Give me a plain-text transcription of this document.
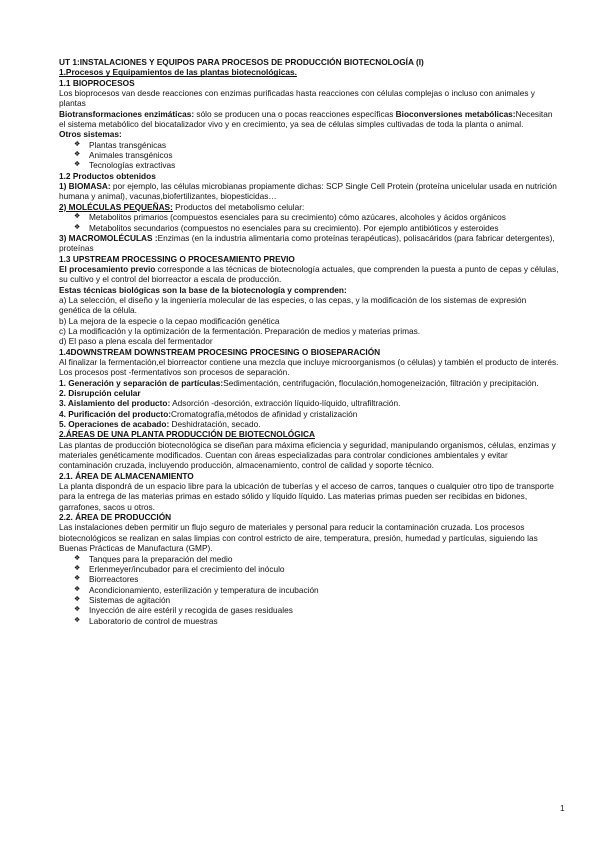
UT 1:INSTALACIONES Y EQUIPOS PARA PROCESOS DE PRODUCCIÓN BIOTECNOLOGÍA (I)
1.Procesos y Equipamientos de las plantas biotecnológicas.
1.1 BIOPROCESOS

Los bioprocesos van desde reacciones con enzimas purificadas hasta reacciones con células complejas o incluso con animales y plantas

Biotransformaciones enzimáticas: sólo se producen una o pocas reacciones específicas Bioconversiones metabólicas:Necesitan el sistema metabólico del biocatalizador vivo y en crecimiento, ya sea de células simples cultivadas de toda la planta o animal.

Otros sistemas:
❖ Plantas transgénicas
❖ Animales transgénicos
❖ Tecnologías extractivas
1.2 Productos obtenidos

1) BIOMASA: por ejemplo, las células microbianas propiamente dichas: SCP Single Cell Protein (proteína unicelular usada en nutrición humana y animal), vacunas,biofertilizantes, biopesticidas…

2) MOLÉCULAS PEQUEÑAS: Productos del metabolismo celular:

❖ Metabolitos primarios (compuestos esenciales para su crecimiento) cómo azúcares, alcoholes y ácidos orgánicos
❖ Metabolitos secundarios (compuestos no esenciales para su crecimiento). Por ejemplo antibióticos y esteroides

3) MACROMOLÉCULAS :Enzimas (en la industria alimentaria como proteínas terapéuticas), polisacáridos (para fabricar detergentes), proteínas

1.3 UPSTREAM PROCESSING O PROCESAMIENTO PREVIO

El procesamiento previo corresponde a las técnicas de biotecnología actuales, que comprenden la puesta a punto de cepas y células, su cultivo y el control del biorreactor a escala de producción.

Estas técnicas biológicas son la base de la biotecnología y comprenden:

a) La selección, el diseño y la ingeniería molecular de las especies, o las cepas, y la modificación de los sistemas de expresión genética de la célula.

b) La mejora de la especie o la cepao modificación genética

c) La modificación y la optimización de la fermentación. Preparación de medios y materias primas.

d) El paso a plena escala del fermentador

1.4DOWNSTREAM DOWNSTREAM PROCESING PROCESING O BIOSEPARACIÓN

Al finalizar la fermentación,el biorreactor contiene una mezcla que incluye microorganismos (o células) y también el producto de interés. Los procesos post -fermentativos son procesos de separación.

1. Generación y separación de partículas:Sedimentación, centrifugación, floculación,homogeneización, filtración y precipitación.

2. Disrupción celular

3. Aislamiento del producto: Adsorción -desorción, extracción líquido-líquido, ultrafiltración.

4. Purificación del producto:Cromatografía,métodos de afinidad y cristalización

5. Operaciones de acabado: Deshidratación, secado.

2.ÁREAS DE UNA PLANTA PRODUCCIÓN DE BIOTECNOLÓGICA

Las plantas de producción biotecnológica se diseñan para máxima eficiencia y seguridad, manipulando organismos, células, enzimas y materiales genéticamente modificados. Cuentan con áreas especializadas para controlar condiciones ambientales y evitar contaminación cruzada, incluyendo producción, almacenamiento, control de calidad y soporte técnico.

2.1. ÁREA DE ALMACENAMIENTO

La planta dispondrá de un espacio libre para la ubicación de tuberías y el acceso de carros, tanques o cualquier otro tipo de transporte para la entrega de las materias primas en estado sólido y líquido líquido. Las materias primas pueden ser recibidas en bidones, garrafones, sacos u otros.

2.2. ÁREA DE PRODUCCIÓN

Las instalaciones deben permitir un flujo seguro de materiales y personal para reducir la contaminación cruzada. Los procesos biotecnológicos se realizan en salas limpias con control estricto de aire, temperatura, presión, humedad y partículas, siguiendo las Buenas Prácticas de Manufactura (GMP).

❖ Tanques para la preparación del medio
❖ Erlenmeyer/incubador para el crecimiento del inóculo
❖ Biorreactores
❖ Acondicionamiento, esterilización y temperatura de incubación
❖ Sistemas de agitación
❖ Inyección de aire estéril y recogida de gases residuales
❖ Laboratorio de control de muestras
1
